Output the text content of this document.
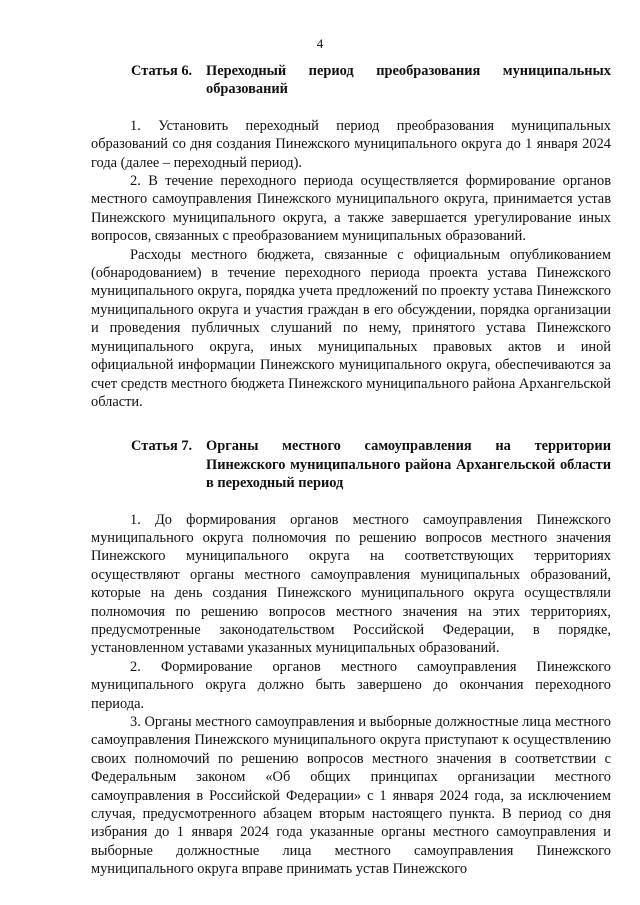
4
Статья 6. Переходный период преобразования муниципальных образований

1. Установить переходный период преобразования муниципальных образований со дня создания Пинежского муниципального округа до 1 января 2024 года (далее – переходный период).

2. В течение переходного периода осуществляется формирование органов местного самоуправления Пинежского муниципального округа, принимается устав Пинежского муниципального округа, а также завершается урегулирование иных вопросов, связанных с преобразованием муниципальных образований.

Расходы местного бюджета, связанные с официальным опубликованием (обнародованием) в течение переходного периода проекта устава Пинежского муниципального округа, порядка учета предложений по проекту устава Пинежского муниципального округа и участия граждан в его обсуждении, порядка организации и проведения публичных слушаний по нему, принятого устава Пинежского муниципального округа, иных муниципальных правовых актов и иной официальной информации Пинежского муниципального округа, обеспечиваются за счет средств местного бюджета Пинежского муниципального района Архангельской области.

Статья 7. Органы местного самоуправления на территории Пинежского муниципального района Архангельской области в переходный период

1. До формирования органов местного самоуправления Пинежского муниципального округа полномочия по решению вопросов местного значения Пинежского муниципального округа на соответствующих территориях осуществляют органы местного самоуправления муниципальных образований, которые на день создания Пинежского муниципального округа осуществляли полномочия по решению вопросов местного значения на этих территориях, предусмотренные законодательством Российской Федерации, в порядке, установленном уставами указанных муниципальных образований.

2. Формирование органов местного самоуправления Пинежского муниципального округа должно быть завершено до окончания переходного периода.

3. Органы местного самоуправления и выборные должностные лица местного самоуправления Пинежского муниципального округа приступают к осуществлению своих полномочий по решению вопросов местного значения в соответствии с Федеральным законом «Об общих принципах организации местного самоуправления в Российской Федерации» с 1 января 2024 года, за исключением случая, предусмотренного абзацем вторым настоящего пункта. В период со дня избрания до 1 января 2024 года указанные органы местного самоуправления и выборные должностные лица местного самоуправления Пинежского муниципального округа вправе принимать устав Пинежского
